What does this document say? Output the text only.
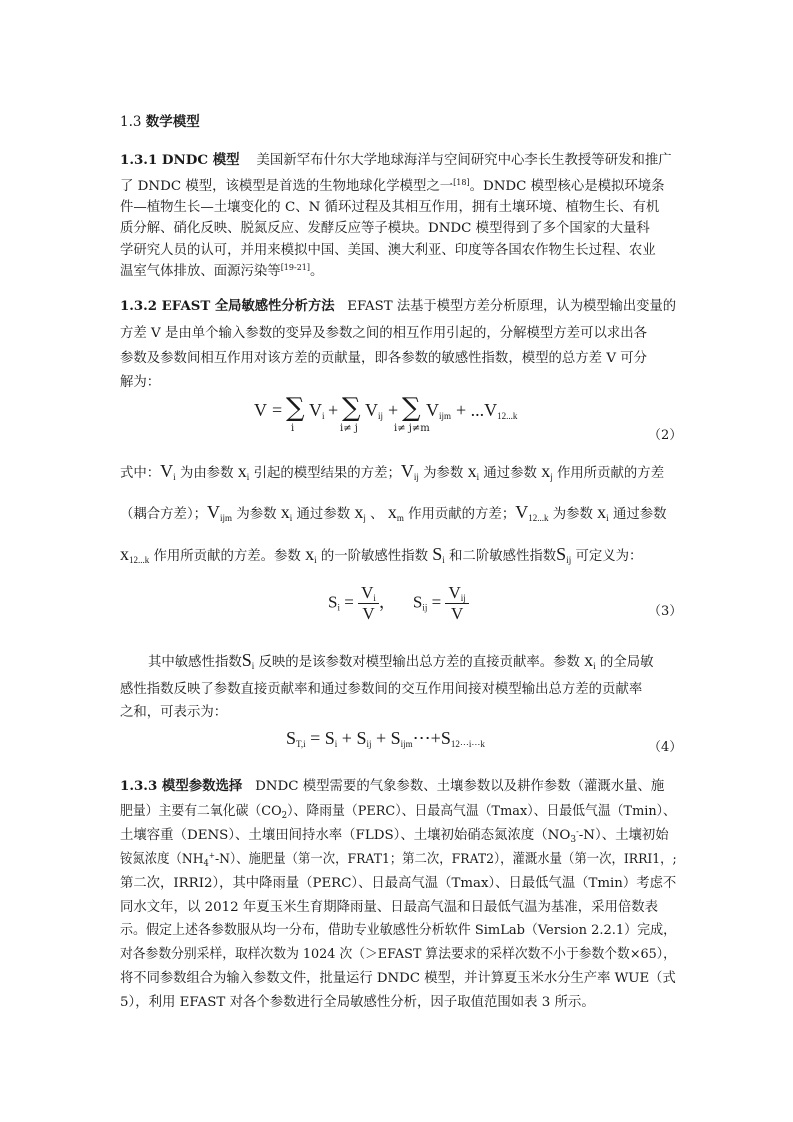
1.3 数学模型
1.3.1 DNDC 模型 美国新罕布什尔大学地球海洋与空间研究中心李长生教授等研发和推广
了 DNDC 模型，该模型是首选的生物地球化学模型之一[18]。DNDC 模型核心是模拟环境条
件—植物生长—土壤变化的 C、N 循环过程及其相互作用，拥有土壤环境、植物生长、有机
质分解、硝化反映、脱氮反应、发酵反应等子模块。DNDC 模型得到了多个国家的大量科
学研究人员的认可，并用来模拟中国、美国、澳大利亚、印度等各国农作物生长过程、农业
温室气体排放、面源污染等[19-21]。
1.3.2 EFAST 全局敏感性分析方法 EFAST 法基于模型方差分析原理，认为模型输出变量的
方差 V 是由单个输入参数的变异及参数之间的相互作用引起的，分解模型方差可以求出各
参数及参数间相互作用对该方差的贡献量，即各参数的敏感性指数，模型的总方差 V 可分
解为：
V = ∑ $V_i$
i
+ ∑ $V_{ij}$
i≠ j
+ ∑ $V_{ijm}$
i≠ j≠m
+ $...V_{12...k}$
（2）
式中：$V_i$ 为由参数 $x_i$ 引起的模型结果的方差；$V_{ij}$ 为参数 $x_i$ 通过参数 $x_j$ 作用所贡献的方差
（耦合方差）；$V_{ijm}$ 为参数 $x_i$ 通过参数 $x_j$ 、 $x_m$ 作用贡献的方差；$V_{12...k}$ 为参数 $x_i$ 通过参数
$x_{12...k}$ 作用所贡献的方差。参数 $x_i$ 的一阶敏感性指数 $S_i$ 和二阶敏感性指数$S_{ij}$ 可定义为：
$S_i = \frac{V_i}{V}$ ， $S_{ij} = \frac{V_{ij}}{V}$	（3）
其中敏感性指数$S_i$ 反映的是该参数对模型输出总方差的直接贡献率。参数 $x_i$ 的全局敏
感性指数反映了参数直接贡献率和通过参数间的交互作用间接对模型输出总方差的贡献率
之和，可表示为：
$S_{T,i} = S_i + S_{ij}$ + $S_{ijm}\cdots+S_{12\cdots i\cdots k}$	（4）
1.3.3 模型参数选择 DNDC 模型需要的气象参数、土壤参数以及耕作参数（灌溉水量、施
肥量）主要有二氧化碳$(CO_2)$、降雨量（PERC）、日最高气温（Tmax）、日最低气温（Tmin）、
土壤容重（DENS）、土壤田间持水率（FLDS）、土壤初始硝态氮浓度$(NO_3^--N)$、土壤初始
铵氮浓度$(NH_4^+-N)$、施肥量（第一次，FRAT1；第二次，FRAT2），灌溉水量（第一次，IRRI1，;
第二次，IRRI2），其中降雨量（PERC）、日最高气温（Tmax）、日最低气温（Tmin）考虑不
同水文年，以 2012 年夏玉米生育期降雨量、日最高气温和日最低气温为基准，采用倍数表
示。假定上述各参数服从均一分布，借助专业敏感性分析软件 SimLab（Version 2.2.1）完成，
对各参数分别采样，取样次数为 1024 次（＞EFAST 算法要求的采样次数不小于参数个数×65），
将不同参数组合为输入参数文件，批量运行 DNDC 模型，并计算夏玉米水分生产率 WUE（式
5），利用 EFAST 对各个参数进行全局敏感性分析，因子取值范围如表 3 所示。
